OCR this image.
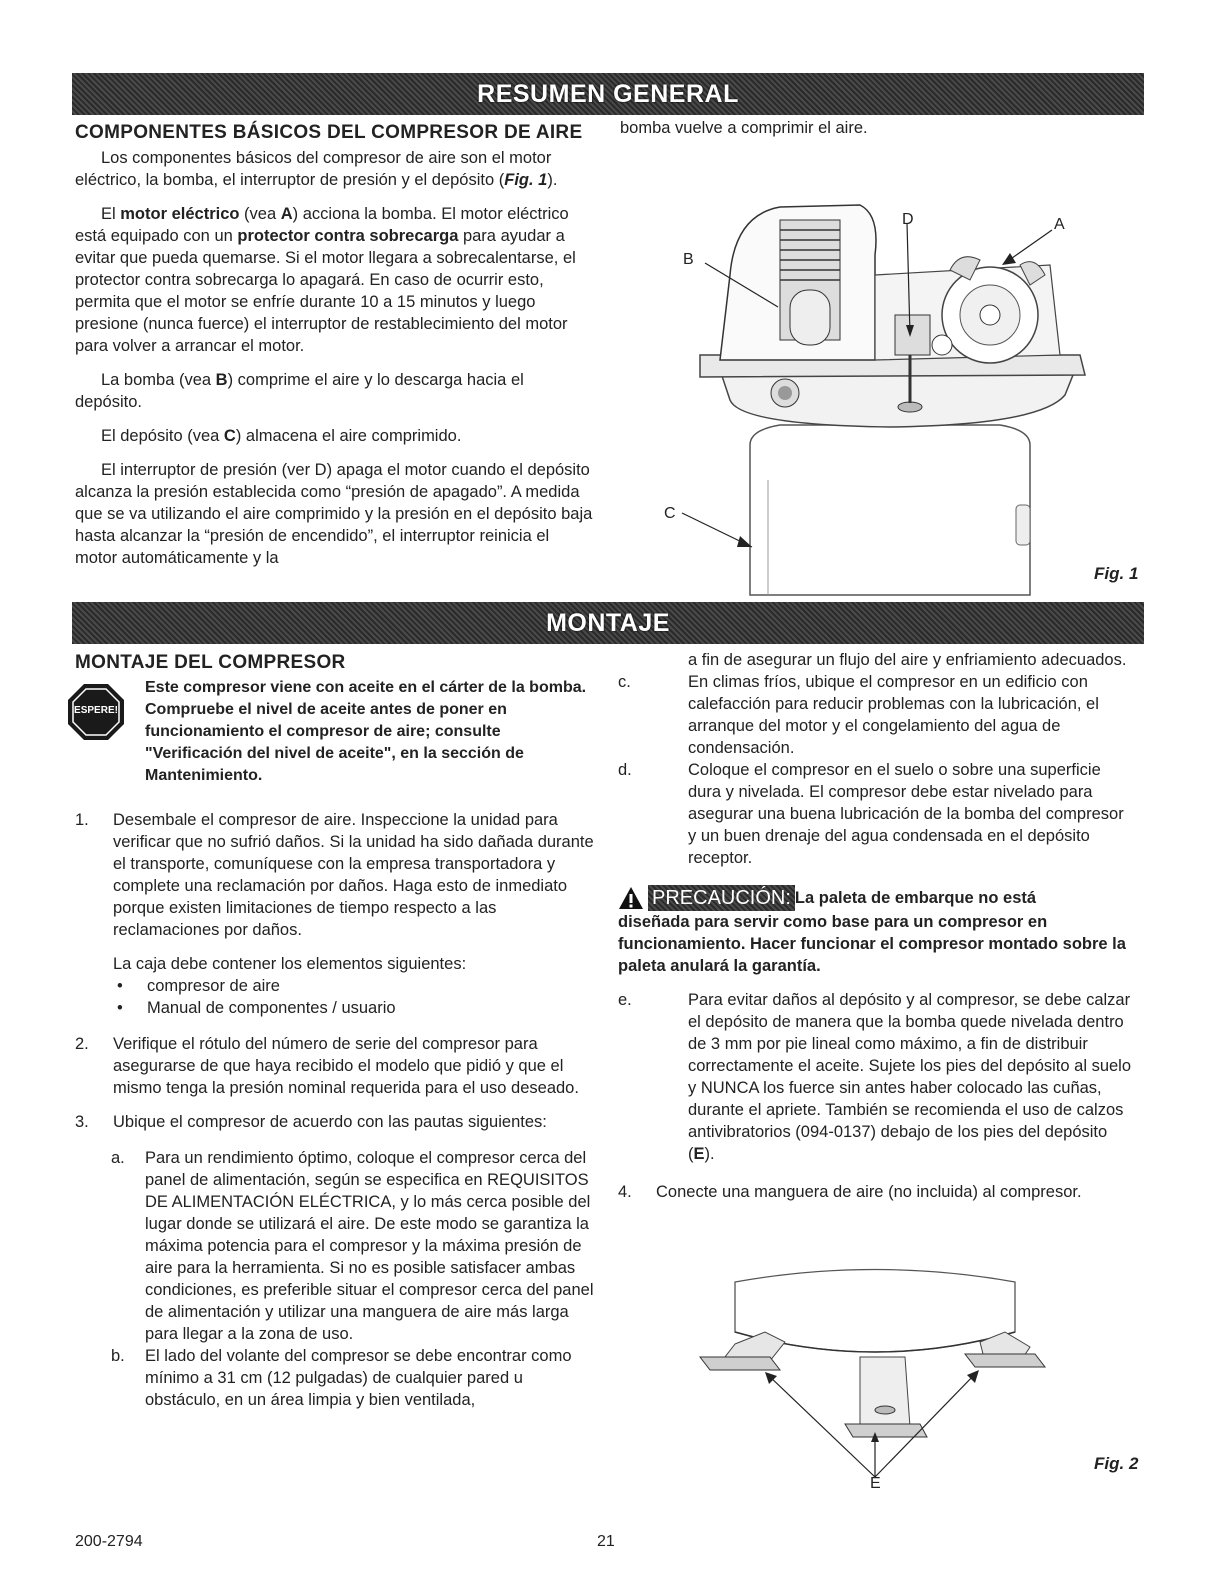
RESUMEN GENERAL
COMPONENTES BÁSICOS DEL COMPRESOR DE AIRE

Los componentes básicos del compresor de aire son el motor eléctrico, la bomba, el interruptor de presión y el depósito (Fig. 1).

El motor eléctrico (vea A) acciona la bomba. El motor eléctrico está equipado con un protector contra sobrecarga para ayudar a evitar que pueda quemarse. Si el motor llegara a sobrecalentarse, el protector contra sobrecarga lo apagará. En caso de ocurrir esto, permita que el motor se enfríe durante 10 a 15 minutos y luego presione (nunca fuerce) el interruptor de restablecimiento del motor para volver a arrancar el motor.

La bomba (vea B) comprime el aire y lo descarga hacia el depósito.

El depósito (vea C) almacena el aire comprimido.

El interruptor de presión (ver D) apaga el motor cuando el depósito alcanza la presión establecida como “presión de apagado”. A medida que se va utilizando el aire comprimido y la presión en el depósito baja hasta alcanzar la “presión de encendido”, el interruptor reinicia el motor automáticamente y la

bomba vuelve a comprimir el aire.

B
D	A
C
Fig. 1
MONTAJE
MONTAJE DEL COMPRESOR
ESPERE!
Este compresor viene con aceite en el cárter de la bomba. Compruebe el nivel de aceite antes de poner en funcionamiento el compresor de aire; consulte "Verificación del nivel de aceite", en la sección de Mantenimiento.
1. Desembale el compresor de aire. Inspeccione la unidad para verificar que no sufrió daños. Si la unidad ha sido dañada durante el transporte, comuníquese con la empresa transportadora y complete una reclamación por daños. Haga esto de inmediato porque existen limitaciones de tiempo respecto a las reclamaciones por daños.

La caja debe contener los elementos siguientes:

• compresor de aire
• Manual de componentes / usuario
2. Verifique el rótulo del número de serie del compresor para asegurarse de que haya recibido el modelo que pidió y que el mismo tenga la presión nominal requerida para el uso deseado.
3. Ubique el compresor de acuerdo con las pautas siguientes:
a. Para un rendimiento óptimo, coloque el compresor cerca del panel de alimentación, según se especifica en REQUISITOS DE ALIMENTACIÓN ELÉCTRICA, y lo más cerca posible del lugar donde se utilizará el aire. De este modo se garantiza la máxima potencia para el compresor y la máxima presión de aire para la herramienta. Si no es posible satisfacer ambas condiciones, es preferible situar el compresor cerca del panel de alimentación y utilizar una manguera de aire más larga para llegar a la zona de uso.
b. El lado del volante del compresor se debe encontrar como mínimo a 31 cm (12 pulgadas) de cualquier pared u obstáculo, en un área limpia y bien ventilada,
a fin de asegurar un flujo del aire y enfriamiento adecuados.
c.	En climas fríos, ubique el compresor en un edificio con calefacción para reducir problemas con la lubricación, el arranque del motor y el congelamiento del agua de condensación.
d.	Coloque el compresor en el suelo o sobre una superficie dura y nivelada. El compresor debe estar nivelado para asegurar una buena lubricación de la bomba del compresor y un buen drenaje del agua condensada en el depósito receptor.
PRECAUCIÓN: La paleta de embarque no está
diseñada para servir como base para un compresor en funcionamiento. Hacer funcionar el compresor montado sobre la paleta anulará la garantía.
e.	Para evitar daños al depósito y al compresor, se debe calzar el depósito de manera que la bomba quede nivelada dentro de 3 mm por pie lineal como máximo, a fin de distribuir correctamente el aceite. Sujete los pies del depósito al suelo y NUNCA los fuerce sin antes haber colocado las cuñas, durante el apriete. También se recomienda el uso de calzos antivibratorios (094-0137) debajo de los pies del depósito (E).
4. Conecte una manguera de aire (no incluida) al compresor.
E
Fig. 2
200-2794	21
